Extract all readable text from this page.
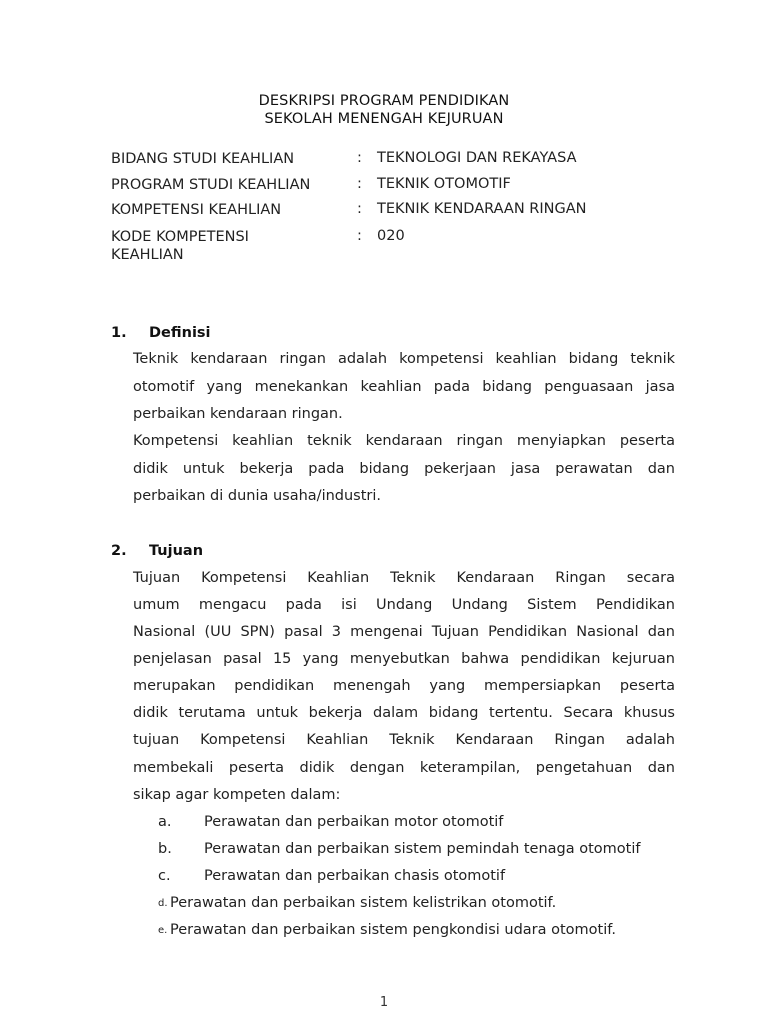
DESKRIPSI PROGRAM PENDIDIKAN
SEKOLAH MENENGAH KEJURUAN
BIDANG STUDI KEAHLIAN	: TEKNOLOGI DAN REKAYASA
PROGRAM STUDI KEAHLIAN	: TEKNIK OTOMOTIF
KOMPETENSI KEAHLIAN	: TEKNIK KENDARAAN RINGAN
KODE KOMPETENSI
KEAHLIAN
: 020
1. Definisi
Teknik kendaraan ringan adalah kompetensi keahlian bidang teknik
otomotif yang menekankan keahlian pada bidang penguasaan jasa
perbaikan kendaraan ringan.
Kompetensi keahlian teknik kendaraan ringan menyiapkan peserta
didik untuk bekerja pada bidang pekerjaan jasa perawatan dan
perbaikan di dunia usaha/industri.
2. Tujuan
Tujuan Kompetensi Keahlian Teknik Kendaraan Ringan secara
umum mengacu pada isi Undang Undang Sistem Pendidikan
Nasional (UU SPN) pasal 3 mengenai Tujuan Pendidikan Nasional dan
penjelasan pasal 15 yang menyebutkan bahwa pendidikan kejuruan
merupakan pendidikan menengah yang mempersiapkan peserta
didik terutama untuk bekerja dalam bidang tertentu. Secara khusus
tujuan Kompetensi Keahlian Teknik Kendaraan Ringan adalah
membekali peserta didik dengan keterampilan, pengetahuan dan
sikap agar kompeten dalam:
a. Perawatan dan perbaikan motor otomotif
b. Perawatan dan perbaikan sistem pemindah tenaga otomotif
c. Perawatan dan perbaikan chasis otomotif
d. Perawatan dan perbaikan sistem kelistrikan otomotif.
e. Perawatan dan perbaikan sistem pengkondisi udara otomotif.
1
